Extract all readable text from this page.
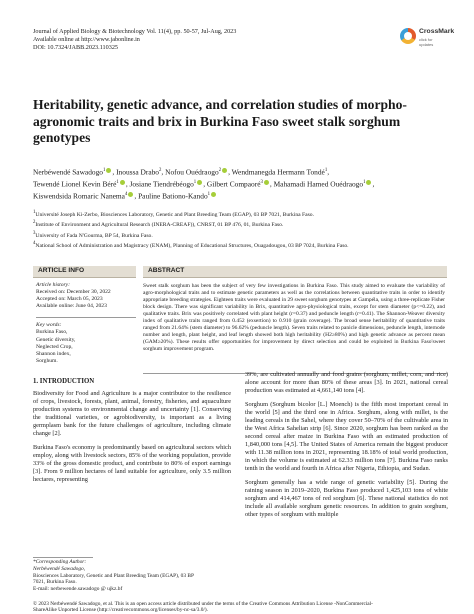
Journal of Applied Biology & Biotechnology Vol. 11(4), pp. 50-57, Jul-Aug, 2023
Available online at http://www.jabonline.in
DOI: 10.7324/JABB.2023.110325
CrossMark
click for updates
Heritability, genetic advance, and correlation studies of morpho-agronomic traits and brix in Burkina Faso sweet stalk sorghum genotypes
Nerbéwendé Sawadogo$^1$ , Inoussa Drabo$^2$, Nofou Ouédraogo$^2$ , Wendmanegda Hermann Tondé$^1$,
Tewendé Lionel Kevin Béré$^1$ , Josiane Tiendrébéogo$^1$ , Gilbert Compaoré$^3$ , Mahamadi Hamed Ouédraogo$^1$ ,
Kiswendsida Romaric Nanema$^4$ , Pauline Bationo-Kando$^1$
$^1$Université Joseph Ki-Zerbo, Biosciences Laboratory, Genetic and Plant Breeding Team (EGAP), 03 BP 7021, Burkina Faso.
$^2$Institute of Environment and Agricultural Research (INERA-CREAF)), CNRST, 01 BP 476, 01, Burkina Faso.
$^3$University of Fada N'Gourma, BP 54, Burkina Faso.
$^4$National School of Administration and Magistracy (ENAM), Planning of Educational Structures, Ouagadougou, 03 BP 7024, Burkina Faso.
ARTICLE INFO	ABSTRACT
Article history:
Received on: December 30, 2022
Accepted on: March 05, 2023
Available online: June 04, 2023
Key words:
Burkina Faso,
Genetic diversity,
Neglected Crop,
Shannon index,
Sorghum.
Sweet stalk sorghum has been the subject of very few investigations in Burkina Faso. This study aimed to evaluate the variability of agro-morphological traits and to estimate genetic parameters as well as the correlations between quantitative traits in order to identify appropriate breeding strategies. Eighteen traits were evaluated in 29 sweet sorghum genotypes at Gampéla, using a three-replicate Fisher block design. There was significant variability in Brix, quantitative agro-physiological traits, except for stem diameter (p<=0.22), and qualitative traits. Brix was positively correlated with plant height (r=0.37) and peduncle length (r=0.41). The Shannon-Weaver diversity index of qualitative traits ranged from 0.452 (exsertion) to 0.910 (grain coverage). The broad sense heritability of quantitative traits ranged from 21.64% (stem diameter) to 96.62% (peduncle length). Seven traits related to panicle dimensions, peduncle length, internode number and length, plant height, and leaf length showed both high heritability (H2≥80%) and high genetic advance as percent mean (GAM≥20%). These results offer opportunities for improvement by direct selection and could be exploited in Burkina Faso'sweet sorghum improvement program.
1. INTRODUCTION

Biodiversity for Food and Agriculture is a major contributor to the resilience of crops, livestock, forests, plant, animal, forestry, fisheries, and aquaculture production systems to environmental change and uncertainty [1]. Conserving the traditional varieties, or agrobiodiversity, is important as a living germplasm bank for the future challenges of agriculture, including climate change [2].

Burkina Faso's economy is predominantly based on agricultural sectors which employ, along with livestock sectors, 85% of the working population, provide 33% of the gross domestic product, and contribute to 80% of export earnings [3]. From 9 million hectares of land suitable for agriculture, only 3.5 million hectares, representing

39%, are cultivated annually and food grains (sorghum, millet, corn, and rice) alone account for more than 80% of these areas [3]. In 2021, national cereal production was estimated at 4,661,140 tons [4].

Sorghum (Sorghum bicolor [L.] Moench) is the fifth most important cereal in the world [5] and the third one in Africa. Sorghum, along with millet, is the leading cereals in the Sahel, where they cover 50–70% of the cultivable area in the West Africa Sahelian strip [6]. Since 2020, sorghum has been ranked as the second cereal after maize in Burkina Faso with an estimated production of 1,840,000 tons [4,5]. The United States of America remain the biggest producer with 11.38 million tons in 2021, representing 18.18% of total world production, in which the volume is estimated at 62.33 million tons [7]. Burkina Faso ranks tenth in the world and fourth in Africa after Nigeria, Ethiopia, and Sudan.

Sorghum generally has a wide range of genetic variability [5]. During the raining season in 2019–2020, Burkina Faso produced 1,425,103 tons of white sorghum and 414,467 tons of red sorghum [6]. These national statistics do not include all available sorghum genetic resources. In addition to grain sorghum, other types of sorghum with multiple

*Corresponding Author:
Nerbéwendé Sawadogo,
Biosciences Laboratory, Genetic and Plant Breeding Team (EGAP), 03 BP
7021, Burkina Faso.
E-mail: nerbewende.sawadogo @ ujkz.bf
© 2023 Nerbéwendé Sawadogo, et al. This is an open access article distributed under the terms of the Creative Commons Attribution License -NonCommercial-
ShareAlike Unported License (http://creativecommons.org/licenses/by-nc-sa/3.0/).
